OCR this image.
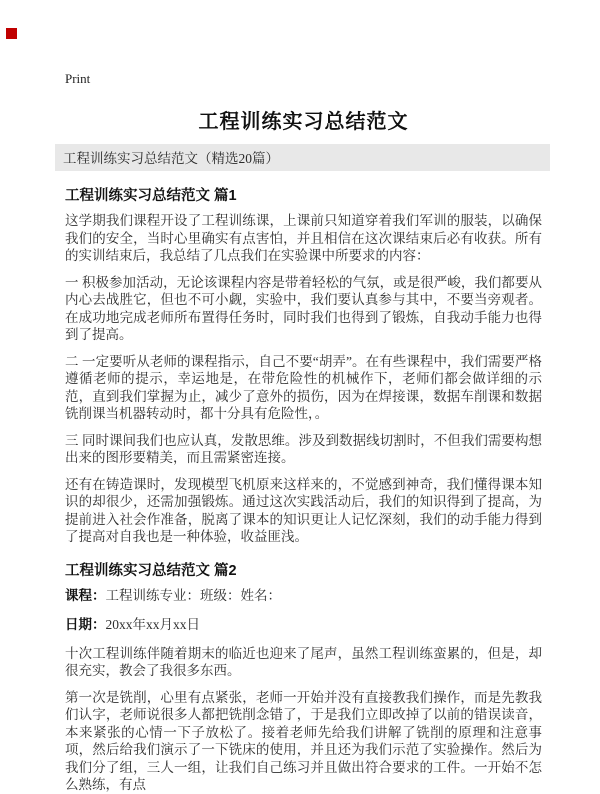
Print
工程训练实习总结范文
工程训练实习总结范文（精选20篇）
工程训练实习总结范文 篇1

这学期我们课程开设了工程训练课，上课前只知道穿着我们军训的服装，以确保我们的安全，当时心里确实有点害怕，并且相信在这次课结束后必有收获。所有的实训结束后，我总结了几点我们在实验课中所要求的内容：

一 积极参加活动，无论该课程内容是带着轻松的气氛，或是很严峻，我们都要从内心去战胜它，但也不可小觑，实验中，我们要认真参与其中，不要当旁观者。在成功地完成老师所布置得任务时，同时我们也得到了锻炼，自我动手能力也得到了提高。

二 一定要听从老师的课程指示，自己不要“胡弄”。在有些课程中，我们需要严格遵循老师的提示，幸运地是，在带危险性的机械作下，老师们都会做详细的示范，直到我们掌握为止，减少了意外的损伤，因为在焊接课，数据车削课和数据铣削课当机器转动时，都十分具有危险性，。

三 同时课间我们也应认真，发散思维。涉及到数据线切割时，不但我们需要构想出来的图形要精美，而且需紧密连接。

还有在铸造课时，发现模型飞机原来这样来的，不觉感到神奇，我们懂得课本知识的却很少，还需加强锻炼。通过这次实践活动后，我们的知识得到了提高，为提前进入社会作准备，脱离了课本的知识更让人记忆深刻，我们的动手能力得到了提高对自我也是一种体验，收益匪浅。

工程训练实习总结范文 篇2

课程：工程训练专业：班级：姓名：

日期：20xx年xx月xx日

十次工程训练伴随着期末的临近也迎来了尾声，虽然工程训练蛮累的，但是，却很充实，教会了我很多东西。

第一次是铣削，心里有点紧张，老师一开始并没有直接教我们操作，而是先教我们认字，老师说很多人都把铣削念错了，于是我们立即改掉了以前的错误读音，本来紧张的心情一下子放松了。接着老师先给我们讲解了铣削的原理和注意事项，然后给我们演示了一下铣床的使用，并且还为我们示范了实验操作。然后为我们分了组，三人一组，让我们自己练习并且做出符合要求的工件。一开始不怎么熟练，有点
